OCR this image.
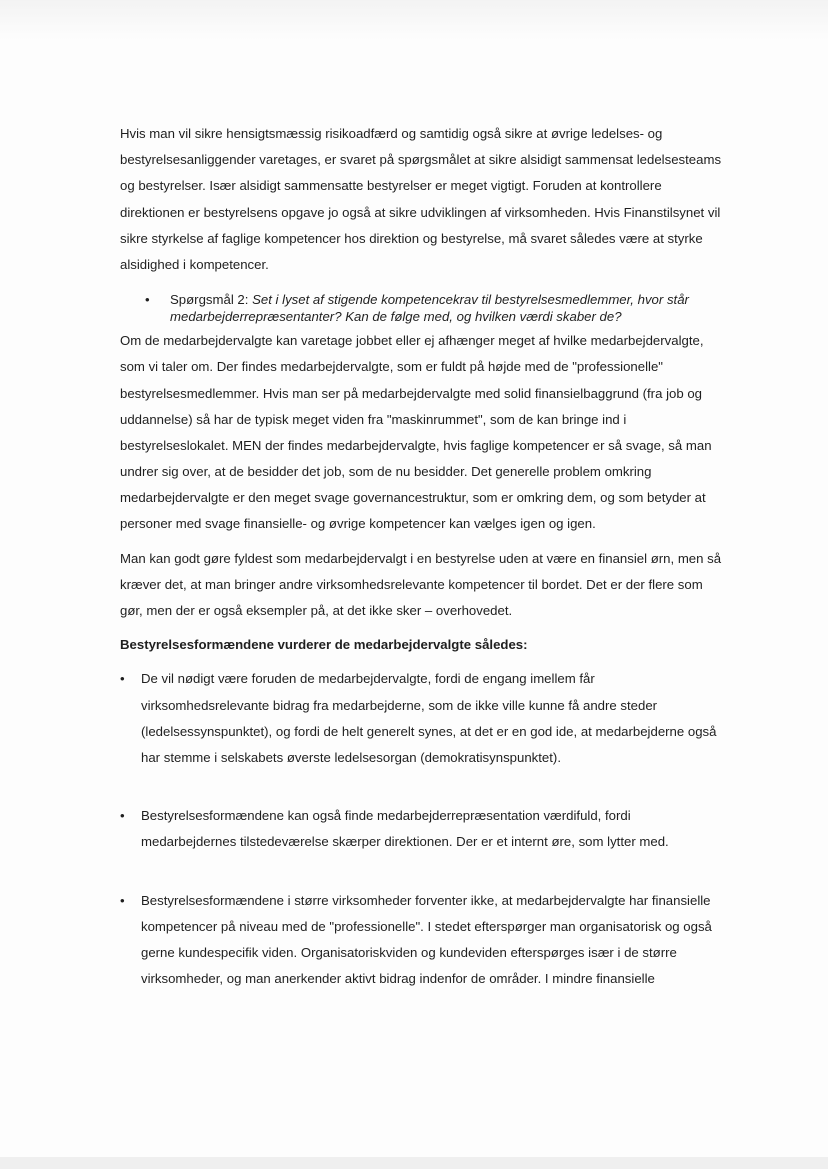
Hvis man vil sikre hensigtsmæssig risikoadfærd og samtidig også sikre at øvrige ledelses- og
bestyrelsesanliggender varetages, er svaret på spørgsmålet at sikre alsidigt sammensat ledelsesteams
og bestyrelser. Især alsidigt sammensatte bestyrelser er meget vigtigt. Foruden at kontrollere
direktionen er bestyrelsens opgave jo også at sikre udviklingen af virksomheden. Hvis Finanstilsynet vil
sikre styrkelse af faglige kompetencer hos direktion og bestyrelse, må svaret således være at styrke
alsidighed i kompetencer.
• Spørgsmål 2: Set i lyset af stigende kompetencekrav til bestyrelsesmedlemmer, hvor står
medarbejderrepræsentanter? Kan de følge med, og hvilken værdi skaber de?
Om de medarbejdervalgte kan varetage jobbet eller ej afhænger meget af hvilke medarbejdervalgte,
som vi taler om. Der findes medarbejdervalgte, som er fuldt på højde med de "professionelle"
bestyrelsesmedlemmer. Hvis man ser på medarbejdervalgte med solid finansielbaggrund (fra job og
uddannelse) så har de typisk meget viden fra "maskinrummet", som de kan bringe ind i
bestyrelseslokalet. MEN der findes medarbejdervalgte, hvis faglige kompetencer er så svage, så man
undrer sig over, at de besidder det job, som de nu besidder. Det generelle problem omkring
medarbejdervalgte er den meget svage governancestruktur, som er omkring dem, og som betyder at
personer med svage finansielle- og øvrige kompetencer kan vælges igen og igen.
Man kan godt gøre fyldest som medarbejdervalgt i en bestyrelse uden at være en finansiel ørn, men så
kræver det, at man bringer andre virksomhedsrelevante kompetencer til bordet. Det er der flere som
gør, men der er også eksempler på, at det ikke sker – overhovedet.
Bestyrelsesformændene vurderer de medarbejdervalgte således:
• De vil nødigt være foruden de medarbejdervalgte, fordi de engang imellem får
virksomhedsrelevante bidrag fra medarbejderne, som de ikke ville kunne få andre steder
(ledelsessynspunktet), og fordi de helt generelt synes, at det er en god ide, at medarbejderne også
har stemme i selskabets øverste ledelsesorgan (demokratisynspunktet).
• Bestyrelsesformændene kan også finde medarbejderrepræsentation værdifuld, fordi
medarbejdernes tilstedeværelse skærper direktionen. Der er et internt øre, som lytter med.
• Bestyrelsesformændene i større virksomheder forventer ikke, at medarbejdervalgte har finansielle
kompetencer på niveau med de "professionelle". I stedet efterspørger man organisatorisk og også
gerne kundespecifik viden. Organisatoriskviden og kundeviden efterspørges især i de større
virksomheder, og man anerkender aktivt bidrag indenfor de områder. I mindre finansielle
